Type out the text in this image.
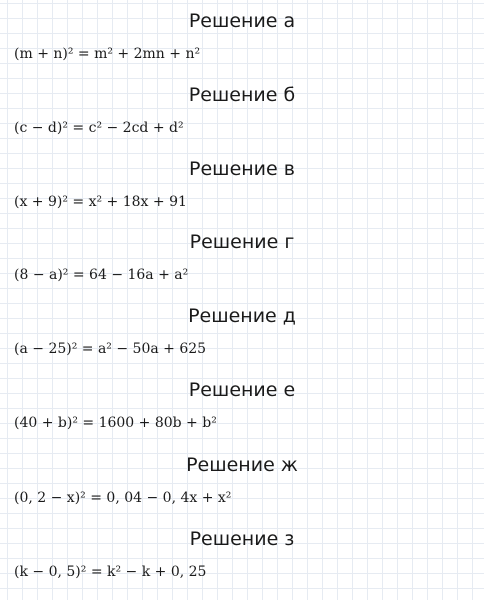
Решение а
(m + n)² = m² + 2mn + n²
Решение б
(c − d)² = c² − 2cd + d²
Решение в
(x + 9)² = x² + 18x + 91
Решение г
(8 − a)² = 64 − 16a + a²
Решение д
(a − 25)² = a² − 50a + 625
Решение е
(40 + b)² = 1600 + 80b + b²
Решение ж
(0, 2 − x)² = 0, 04 − 0, 4x + x²
Решение з
(k − 0, 5)² = k² − k + 0, 25
